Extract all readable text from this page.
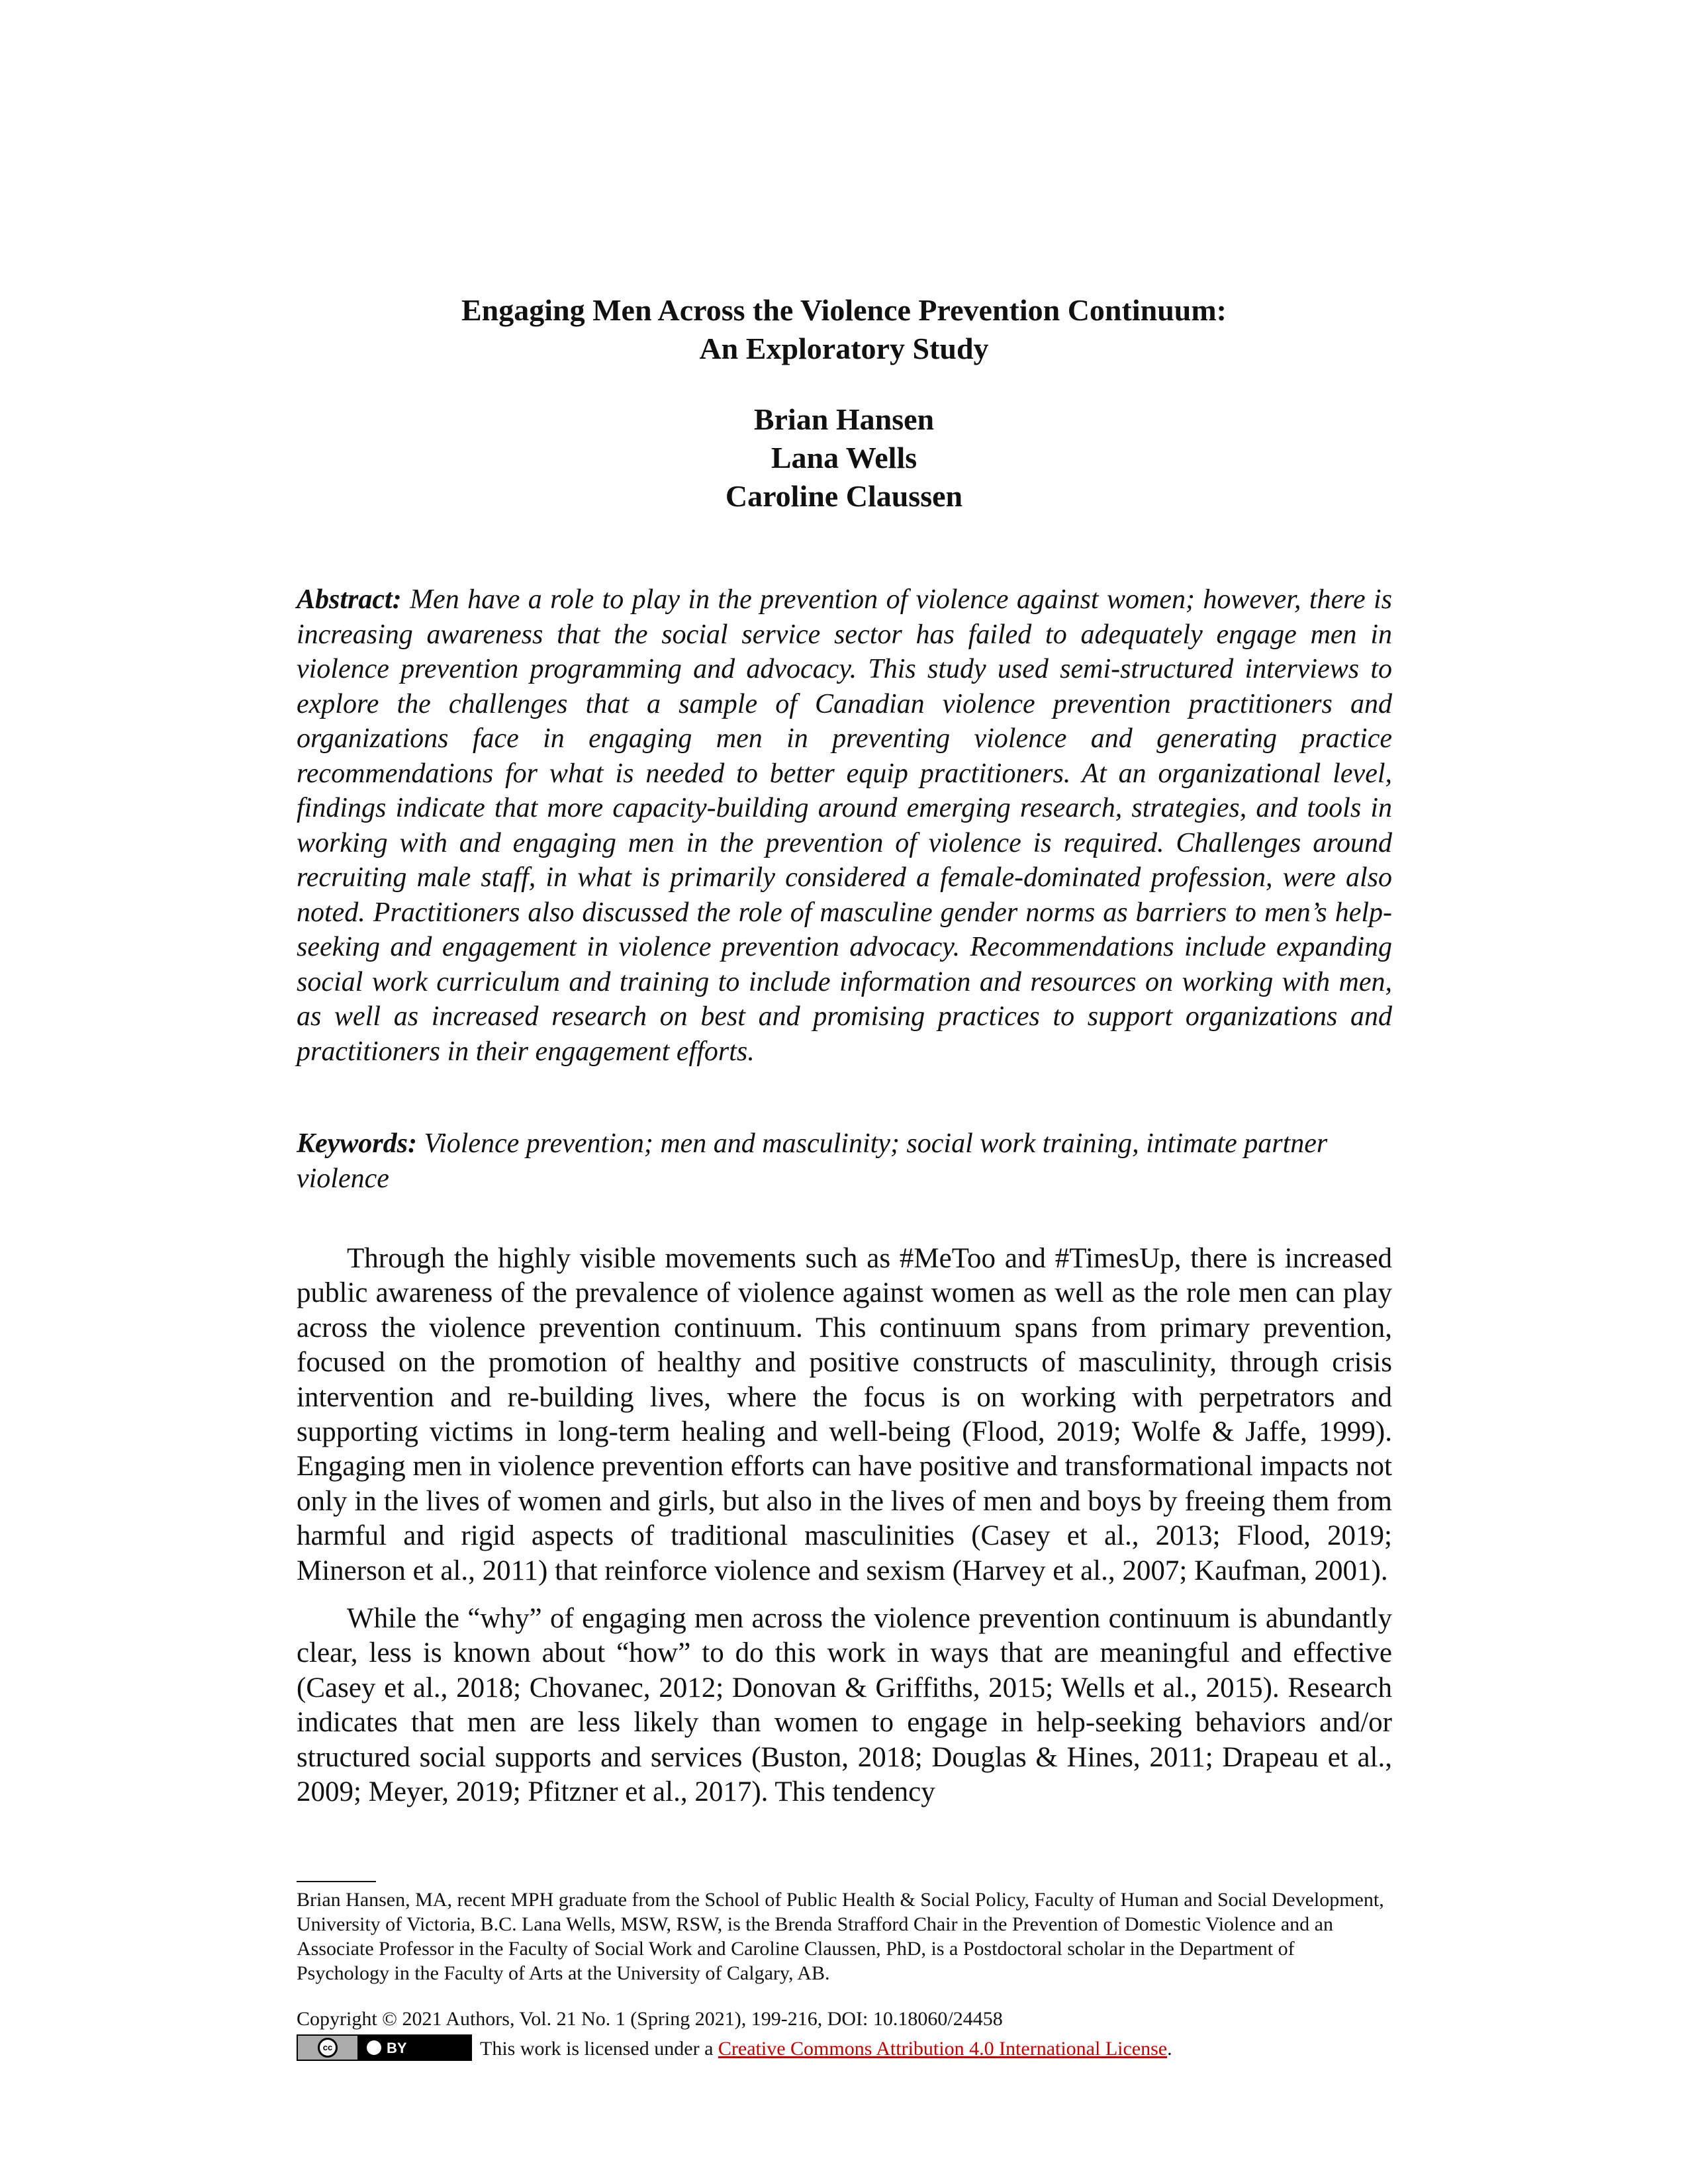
Engaging Men Across the Violence Prevention Continuum:
An Exploratory Study
Brian Hansen
Lana Wells
Caroline Claussen
Abstract: Men have a role to play in the prevention of violence against women; however, there is increasing awareness that the social service sector has failed to adequately engage men in violence prevention programming and advocacy. This study used semi-structured interviews to explore the challenges that a sample of Canadian violence prevention practitioners and organizations face in engaging men in preventing violence and generating practice recommendations for what is needed to better equip practitioners. At an organizational level, findings indicate that more capacity-building around emerging research, strategies, and tools in working with and engaging men in the prevention of violence is required. Challenges around recruiting male staff, in what is primarily considered a female-dominated profession, were also noted. Practitioners also discussed the role of masculine gender norms as barriers to men’s help-seeking and engagement in violence prevention advocacy. Recommendations include expanding social work curriculum and training to include information and resources on working with men, as well as increased research on best and promising practices to support organizations and practitioners in their engagement efforts.
Keywords: Violence prevention; men and masculinity; social work training, intimate partner violence

Through the highly visible movements such as #MeToo and #TimesUp, there is increased public awareness of the prevalence of violence against women as well as the role men can play across the violence prevention continuum. This continuum spans from primary prevention, focused on the promotion of healthy and positive constructs of masculinity, through crisis intervention and re-building lives, where the focus is on working with perpetrators and supporting victims in long-term healing and well-being (Flood, 2019; Wolfe & Jaffe, 1999). Engaging men in violence prevention efforts can have positive and transformational impacts not only in the lives of women and girls, but also in the lives of men and boys by freeing them from harmful and rigid aspects of traditional masculinities (Casey et al., 2013; Flood, 2019; Minerson et al., 2011) that reinforce violence and sexism (Harvey et al., 2007; Kaufman, 2001).

While the “why” of engaging men across the violence prevention continuum is abundantly clear, less is known about “how” to do this work in ways that are meaningful and effective (Casey et al., 2018; Chovanec, 2012; Donovan & Griffiths, 2015; Wells et al., 2015). Research indicates that men are less likely than women to engage in help-seeking behaviors and/or structured social supports and services (Buston, 2018; Douglas & Hines, 2011; Drapeau et al., 2009; Meyer, 2019; Pfitzner et al., 2017). This tendency

Brian Hansen, MA, recent MPH graduate from the School of Public Health & Social Policy, Faculty of Human and Social Development, University of Victoria, B.C. Lana Wells, MSW, RSW, is the Brenda Strafford Chair in the Prevention of Domestic Violence and an Associate Professor in the Faculty of Social Work and Caroline Claussen, PhD, is a Postdoctoral scholar in the Department of Psychology in the Faculty of Arts at the University of Calgary, AB.
Copyright © 2021 Authors, Vol. 21 No. 1 (Spring 2021), 199-216, DOI: 10.18060/24458
cc	BY	This work is licensed under a Creative Commons Attribution 4.0 International License.
